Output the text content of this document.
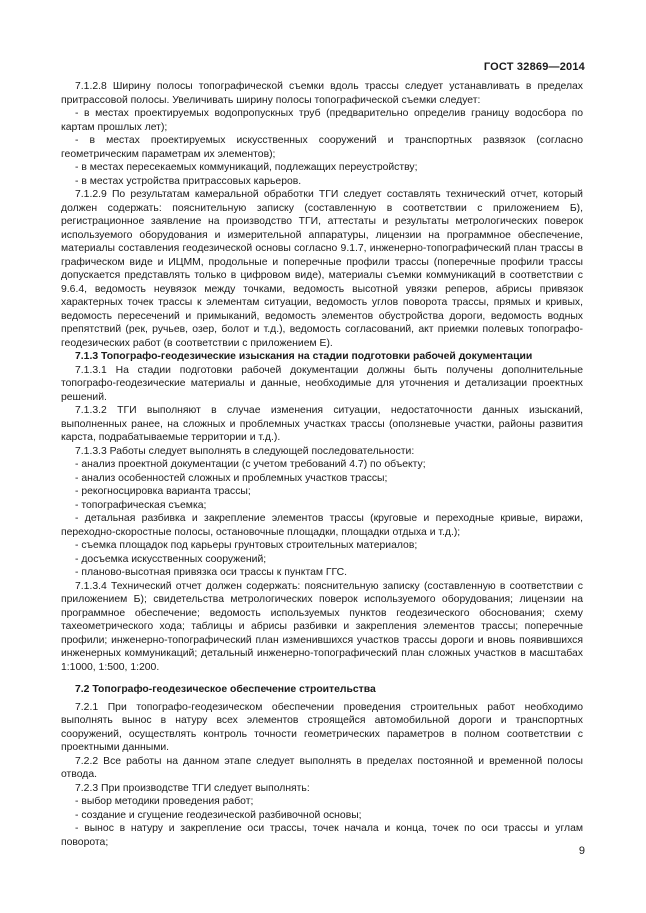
ГОСТ 32869—2014

7.1.2.8 Ширину полосы топографической съемки вдоль трассы следует устанавливать в пределах притрассовой полосы. Увеличивать ширину полосы топографической съемки следует:

- в местах проектируемых водопропускных труб (предварительно определив границу водосбора по картам прошлых лет);

- в местах проектируемых искусственных сооружений и транспортных развязок (согласно геометрическим параметрам их элементов);

- в местах пересекаемых коммуникаций, подлежащих переустройству;

- в местах устройства притрассовых карьеров.

7.1.2.9 По результатам камеральной обработки ТГИ следует составлять технический отчет, который должен содержать: пояснительную записку (составленную в соответствии с приложением Б), регистрационное заявление на производство ТГИ, аттестаты и результаты метрологических поверок используемого оборудования и измерительной аппаратуры, лицензии на программное обеспечение, материалы составления геодезической основы согласно 9.1.7, инженерно-топографический план трассы в графическом виде и ИЦММ, продольные и поперечные профили трассы (поперечные профили трассы допускается представлять только в цифровом виде), материалы съемки коммуникаций в соответствии с 9.6.4, ведомость неувязок между точками, ведомость высотной увязки реперов, абрисы привязок характерных точек трассы к элементам ситуации, ведомость углов поворота трассы, прямых и кривых, ведомость пересечений и примыканий, ведомость элементов обустройства дороги, ведомость водных препятствий (рек, ручьев, озер, болот и т.д.), ведомость согласований, акт приемки полевых топографо-геодезических работ (в соответствии с приложением Е).

7.1.3 Топографо-геодезические изыскания на стадии подготовки рабочей документации

7.1.3.1 На стадии подготовки рабочей документации должны быть получены дополнительные топографо-геодезические материалы и данные, необходимые для уточнения и детализации проектных решений.

7.1.3.2 ТГИ выполняют в случае изменения ситуации, недостаточности данных изысканий, выполненных ранее, на сложных и проблемных участках трассы (оползневые участки, районы развития карста, подрабатываемые территории и т.д.).

7.1.3.3 Работы следует выполнять в следующей последовательности:

- анализ проектной документации (с учетом требований 4.7) по объекту;

- анализ особенностей сложных и проблемных участков трассы;

- рекогносцировка варианта трассы;

- топографическая съемка;

- детальная разбивка и закрепление элементов трассы (круговые и переходные кривые, виражи, переходно-скоростные полосы, остановочные площадки, площадки отдыха и т.д.);

- съемка площадок под карьеры грунтовых строительных материалов;

- досъемка искусственных сооружений;

- планово-высотная привязка оси трассы к пунктам ГГС.

7.1.3.4 Технический отчет должен содержать: пояснительную записку (составленную в соответствии с приложением Б); свидетельства метрологических поверок используемого оборудования; лицензии на программное обеспечение; ведомость используемых пунктов геодезического обоснования; схему тахеометрического хода; таблицы и абрисы разбивки и закрепления элементов трассы; поперечные профили; инженерно-топографический план изменившихся участков трассы дороги и вновь появившихся инженерных коммуникаций; детальный инженерно-топографический план сложных участков в масштабах 1:1000, 1:500, 1:200.

7.2 Топографо-геодезическое обеспечение строительства

7.2.1 При топографо-геодезическом обеспечении проведения строительных работ необходимо выполнять вынос в натуру всех элементов строящейся автомобильной дороги и транспортных сооружений, осуществлять контроль точности геометрических параметров в полном соответствии с проектными данными.

7.2.2 Все работы на данном этапе следует выполнять в пределах постоянной и временной полосы отвода.

7.2.3 При производстве ТГИ следует выполнять:

- выбор методики проведения работ;

- создание и сгущение геодезической разбивочной основы;

- вынос в натуру и закрепление оси трассы, точек начала и конца, точек по оси трассы и углам поворота;

9
